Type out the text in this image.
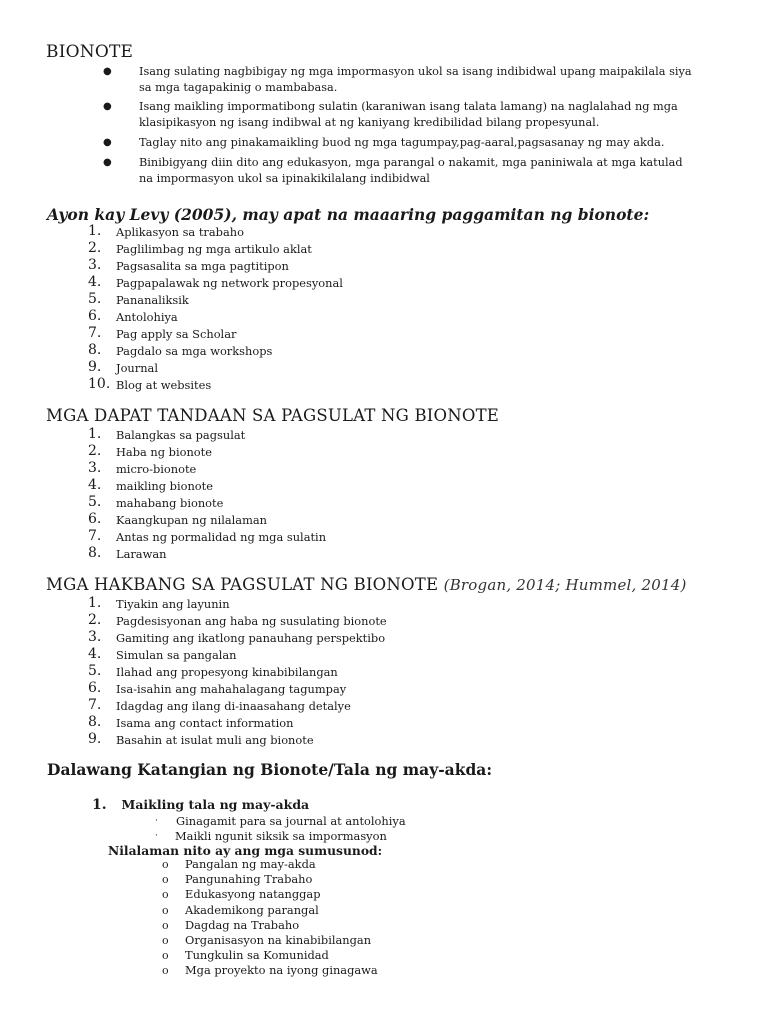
BIONOTE
● Isang sulating nagbibigay ng mga impormasyon ukol sa isang indibidwal upang maipakilala siya
sa mga tagapakinig o mambabasa.
● Isang maikling impormatibong sulatin (karaniwan isang talata lamang) na naglalahad ng mga
klasipikasyon ng isang indibwal at ng kaniyang kredibilidad bilang propesyunal.
● Taglay nito ang pinakamaikling buod ng mga tagumpay,pag-aaral,pagsasanay ng may akda.
● Binibigyang diin dito ang edukasyon, mga parangal o nakamit, mga paniniwala at mga katulad
na impormasyon ukol sa ipinakikilalang indibidwal
Ayon kay Levy (2005), may apat na maaaring paggamitan ng bionote:
1.	Aplikasyon sa trabaho
2.	Paglilimbag ng mga artikulo aklat
3.	Pagsasalita sa mga pagtitipon
4.	Pagpapalawak ng network propesyonal
5.	Pananaliksik
6.	Antolohiya
7.	Pag apply sa Scholar
8.	Pagdalo sa mga workshops
9.	Journal
10. Blog at websites
MGA DAPAT TANDAAN SA PAGSULAT NG BIONOTE
1.	Balangkas sa pagsulat
2.	Haba ng bionote
3.	micro-bionote
4.	maikling bionote
5.	mahabang bionote
6.	Kaangkupan ng nilalaman
7.	Antas ng pormalidad ng mga sulatin
8.	Larawan
MGA HAKBANG SA PAGSULAT NG BIONOTE (Brogan, 2014; Hummel, 2014)
1.	Tiyakin ang layunin
2.	Pagdesisyonan ang haba ng susulating bionote
3.	Gamiting ang ikatlong panauhang perspektibo
4.	Simulan sa pangalan
5.	Ilahad ang propesyong kinabibilangan
6.	Isa-isahin ang mahahalagang tagumpay
7.	Idagdag ang ilang di-inaasahang detalye
8.	Isama ang contact information
9.	Basahin at isulat muli ang bionote
Dalawang Katangian ng Bionote/Tala ng may-akda:
1. Maikling tala ng may-akda
· Ginagamit para sa journal at antolohiya
· Maikli ngunit siksik sa impormasyon
Nilalaman nito ay ang mga sumusunod:
o Pangalan ng may-akda
o Pangunahing Trabaho
o Edukasyong natanggap
o Akademikong parangal
o Dagdag na Trabaho
o Organisasyon na kinabibilangan
o Tungkulin sa Komunidad
o Mga proyekto na iyong ginagawa
